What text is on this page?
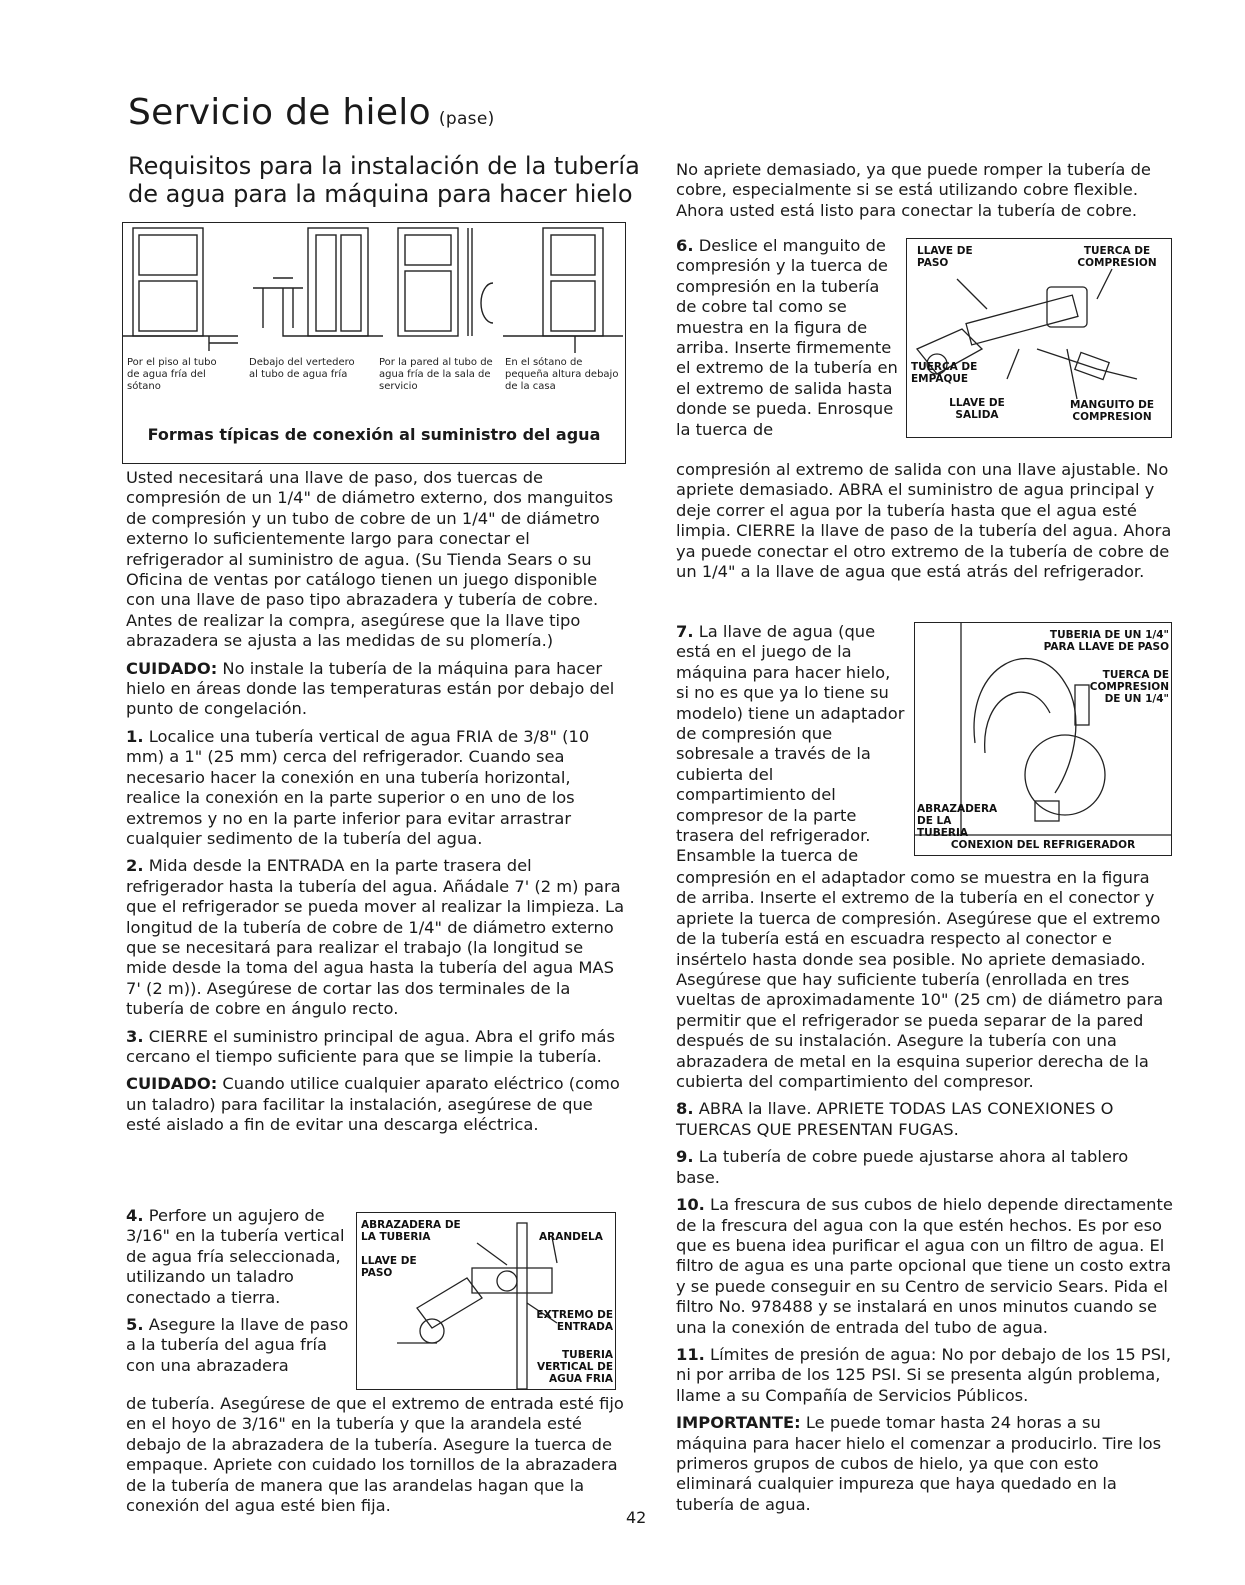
Servicio de hielo (pase)
Requisitos para la instalación de la tubería de agua para la máquina para hacer hielo
Por el piso al tubo de agua fría del sótano
Debajo del vertedero al tubo de agua fría
Por la pared al tubo de agua fría de la sala de servicio
En el sótano de pequeña altura debajo de la casa
Formas típicas de conexión al suministro del agua

Usted necesitará una llave de paso, dos tuercas de compresión de un 1/4" de diámetro externo, dos manguitos de compresión y un tubo de cobre de un 1/4" de diámetro externo lo suficientemente largo para conectar el refrigerador al suministro de agua. (Su Tienda Sears o su Oficina de ventas por catálogo tienen un juego disponible con una llave de paso tipo abrazadera y tubería de cobre. Antes de realizar la compra, asegúrese que la llave tipo abrazadera se ajusta a las medidas de su plomería.)

CUIDADO: No instale la tubería de la máquina para hacer hielo en áreas donde las temperaturas están por debajo del punto de congelación.

1. Localice una tubería vertical de agua FRIA de 3/8" (10 mm) a 1" (25 mm) cerca del refrigerador. Cuando sea necesario hacer la conexión en una tubería horizontal, realice la conexión en la parte superior o en uno de los extremos y no en la parte inferior para evitar arrastrar cualquier sedimento de la tubería del agua.

2. Mida desde la ENTRADA en la parte trasera del refrigerador hasta la tubería del agua. Añádale 7' (2 m) para que el refrigerador se pueda mover al realizar la limpieza. La longitud de la tubería de cobre de 1/4" de diámetro externo que se necesitará para realizar el trabajo (la longitud se mide desde la toma del agua hasta la tubería del agua MAS 7' (2 m)). Asegúrese de cortar las dos terminales de la tubería de cobre en ángulo recto.

3. CIERRE el suministro principal de agua. Abra el grifo más cercano el tiempo suficiente para que se limpie la tubería.

CUIDADO: Cuando utilice cualquier aparato eléctrico (como un taladro) para facilitar la instalación, asegúrese de que esté aislado a fin de evitar una descarga eléctrica.

4. Perfore un agujero de 3/16" en la tubería vertical de agua fría seleccionada, utilizando un taladro conectado a tierra.

5. Asegure la llave de paso a la tubería del agua fría con una abrazadera

de tubería. Asegúrese de que el extremo de entrada esté fijo en el hoyo de 3/16" en la tubería y que la arandela esté debajo de la abrazadera de la tubería. Asegure la tuerca de empaque. Apriete con cuidado los tornillos de la abrazadera de la tubería de manera que las arandelas hagan que la conexión del agua esté bien fija.

ABRAZADERA DE LA TUBERIA	ARANDELA
LLAVE DE PASO
EXTREMO DE ENTRADA
TUBERIA VERTICAL DE AGUA FRIA

No apriete demasiado, ya que puede romper la tubería de cobre, especialmente si se está utilizando cobre flexible. Ahora usted está listo para conectar la tubería de cobre.

6. Deslice el manguito de compresión y la tuerca de compresión en la tubería de cobre tal como se muestra en la figura de arriba. Inserte firmemente el extremo de la tubería en el extremo de salida hasta donde se pueda. Enrosque la tuerca de

compresión al extremo de salida con una llave ajustable. No apriete demasiado. ABRA el suministro de agua principal y deje correr el agua por la tubería hasta que el agua esté limpia. CIERRE la llave de paso de la tubería del agua. Ahora ya puede conectar el otro extremo de la tubería de cobre de un 1/4" a la llave de agua que está atrás del refrigerador.

7. La llave de agua (que está en el juego de la máquina para hacer hielo, si no es que ya lo tiene su modelo) tiene un adaptador de compresión que sobresale a través de la cubierta del compartimiento del compresor de la parte trasera del refrigerador. Ensamble la tuerca de

compresión en el adaptador como se muestra en la figura de arriba. Inserte el extremo de la tubería en el conector y apriete la tuerca de compresión. Asegúrese que el extremo de la tubería está en escuadra respecto al conector e insértelo hasta donde sea posible. No apriete demasiado. Asegúrese que hay suficiente tubería (enrollada en tres vueltas de aproximadamente 10" (25 cm) de diámetro para permitir que el refrigerador se pueda separar de la pared después de su instalación. Asegure la tubería con una abrazadera de metal en la esquina superior derecha de la cubierta del compartimiento del compresor.

8. ABRA la llave. APRIETE TODAS LAS CONEXIONES O TUERCAS QUE PRESENTAN FUGAS.

9. La tubería de cobre puede ajustarse ahora al tablero base.

10. La frescura de sus cubos de hielo depende directamente de la frescura del agua con la que estén hechos. Es por eso que es buena idea purificar el agua con un filtro de agua. El filtro de agua es una parte opcional que tiene un costo extra y se puede conseguir en su Centro de servicio Sears. Pida el filtro No. 978488 y se instalará en unos minutos cuando se una la conexión de entrada del tubo de agua.

11. Límites de presión de agua: No por debajo de los 15 PSI, ni por arriba de los 125 PSI. Si se presenta algún problema, llame a su Compañía de Servicios Públicos.

IMPORTANTE: Le puede tomar hasta 24 horas a su máquina para hacer hielo el comenzar a producirlo. Tire los primeros grupos de cubos de hielo, ya que con esto eliminará cualquier impureza que haya quedado en la tubería de agua.

LLAVE DE PASO
TUERCA DE COMPRESION
TUERCA DE EMPAQUE
LLAVE DE SALIDA
MANGUITO DE COMPRESION
TUBERIA DE UN 1/4" PARA LLAVE DE PASO
TUERCA DE COMPRESION DE UN 1/4"
ABRAZADERA DE LA TUBERIA
CONEXION DEL REFRIGERADOR
42
